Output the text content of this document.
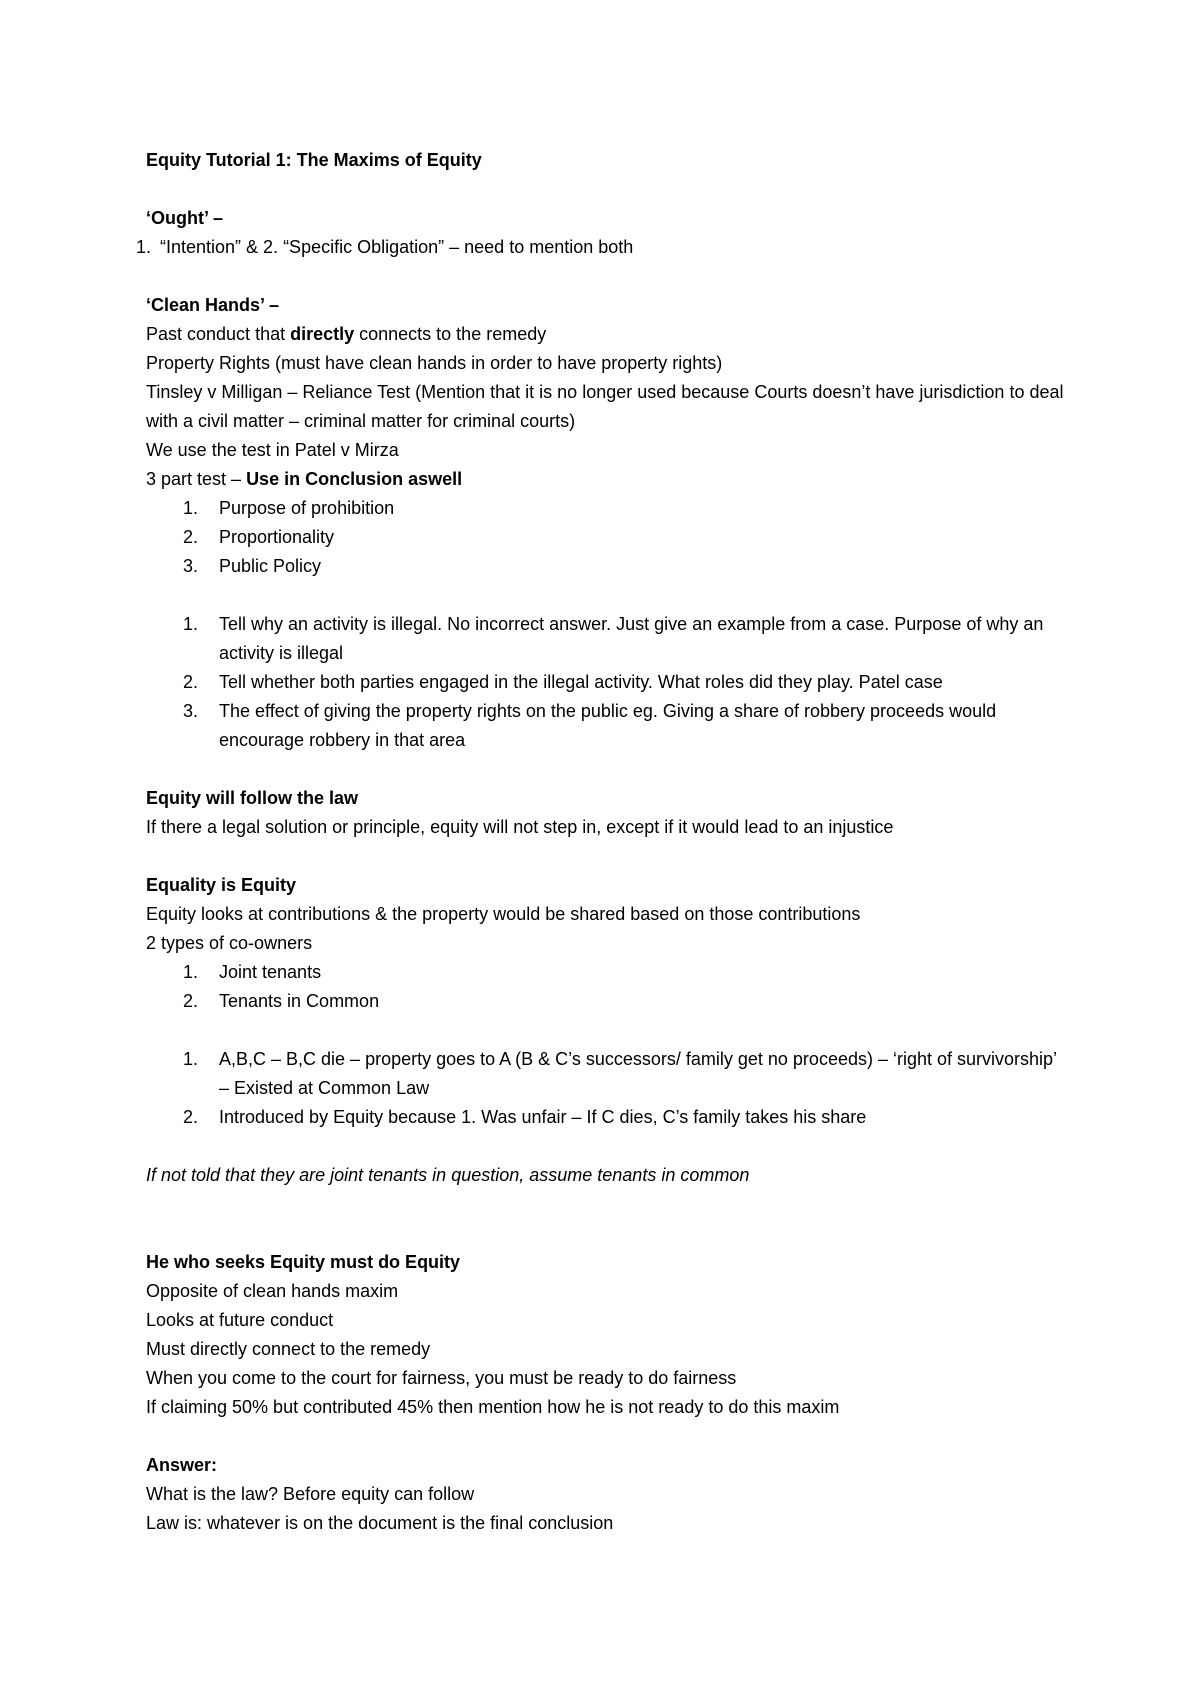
Equity Tutorial 1: The Maxims of Equity
‘Ought’ –
1. “Intention” & 2. “Specific Obligation” – need to mention both
‘Clean Hands’ –
Past conduct that directly connects to the remedy
Property Rights (must have clean hands in order to have property rights)
Tinsley v Milligan – Reliance Test (Mention that it is no longer used because Courts doesn’t have jurisdiction to deal with a civil matter – criminal matter for criminal courts)
We use the test in Patel v Mirza
3 part test – Use in Conclusion aswell
1. Purpose of prohibition
2. Proportionality
3. Public Policy
1. Tell why an activity is illegal. No incorrect answer. Just give an example from a case. Purpose of why an activity is illegal
2. Tell whether both parties engaged in the illegal activity. What roles did they play. Patel case
3. The effect of giving the property rights on the public eg. Giving a share of robbery proceeds would encourage robbery in that area
Equity will follow the law
If there a legal solution or principle, equity will not step in, except if it would lead to an injustice
Equality is Equity
Equity looks at contributions & the property would be shared based on those contributions
2 types of co-owners
1. Joint tenants
2. Tenants in Common
1. A,B,C – B,C die – property goes to A (B & C’s successors/ family get no proceeds) – ‘right of survivorship’ – Existed at Common Law
2. Introduced by Equity because 1. Was unfair – If C dies, C’s family takes his share
If not told that they are joint tenants in question, assume tenants in common
He who seeks Equity must do Equity
Opposite of clean hands maxim
Looks at future conduct
Must directly connect to the remedy
When you come to the court for fairness, you must be ready to do fairness
If claiming 50% but contributed 45% then mention how he is not ready to do this maxim
Answer:
What is the law? Before equity can follow
Law is: whatever is on the document is the final conclusion
